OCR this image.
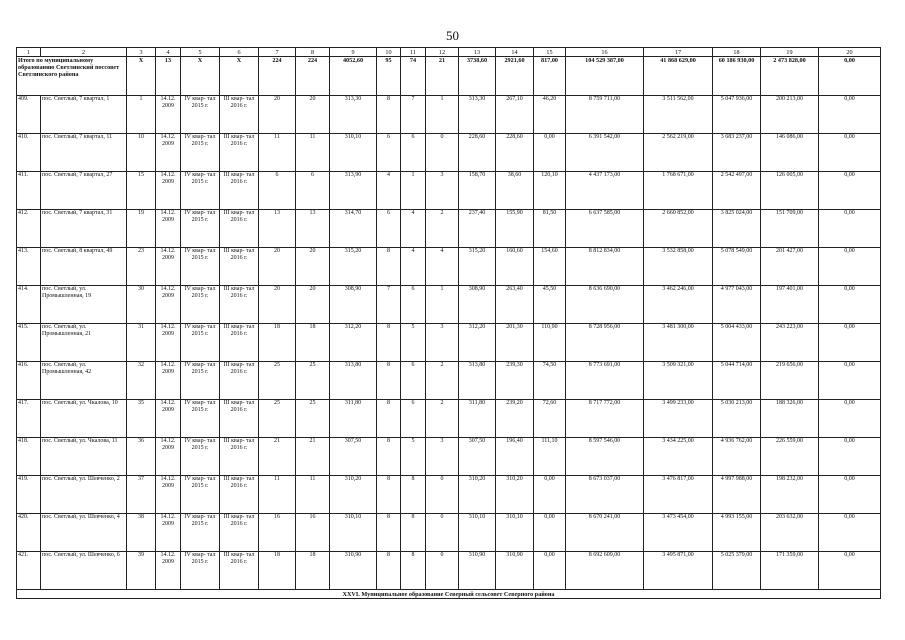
50
1	2	3	4	5	6	7	8	9	10	11	12	13	14	15	16	17	18	19	20
Итого по муниципальному образованию Светлинский поссовет Светлинского района		X	13	X	X	224	224	4052,60	95	74	21	3738,60	2921,60	817,00	104 529 387,00	41 868 629,00	60 186 930,00	2 473 828,00	0,00
409.	пос. Светлый, 7 квартал, 1	1	14.12. 2009	IV квар- тал 2015 г.	III квар- тал 2016 г.	20	20	313,30	8	7	1	313,30	267,10	46,20	8 759 711,00	3 511 562,00	5 047 936,00	200 213,00	0,00
410.	пос. Светлый, 7 квартал, 11	10	14.12. 2009	IV квар- тал 2015 г.	III квар- тал 2016 г.	11	11	310,10	6	6	0	228,60	228,60	0,00	6 391 542,00	2 562 219,00	3 683 237,00	146 086,00	0,00
411.	пос. Светлый, 7 квартал, 27	15	14.12. 2009	IV квар- тал 2015 г.	III квар- тал 2016 г.	6	6	313,90	4	1	3	158,70	38,60	120,10	4 437 173,00	1 768 671,00	2 542 497,00	126 005,00	0,00
412.	пос. Светлый, 7 квартал, 31	19	14.12. 2009	IV квар- тал 2015 г.	III квар- тал 2016 г.	13	13	314,70	6	4	2	237,40	155,90	81,50	6 637 585,00	2 660 852,00	3 825 024,00	151 709,00	0,00
413.	пос. Светлый, 8 квартал, 49	23	14.12. 2009	IV квар- тал 2015 г.	III квар- тал 2016 г.	20	20	315,20	8	4	4	315,20	160,60	154,60	8 812 834,00	3 532 858,00	5 078 549,00	201 427,00	0,00
414.	пос. Светлый, ул. Промышленная, 19	30	14.12. 2009	IV квар- тал 2015 г.	III квар- тал 2016 г.	20	20	308,90	7	6	1	308,90	263,40	45,50	8 636 690,00	3 462 246,00	4 977 043,00	197 401,00	0,00
415.	пос. Светлый, ул. Промышленная, 21	31	14.12. 2009	IV квар- тал 2015 г.	III квар- тал 2016 г.	18	18	312,20	8	5	3	312,20	201,30	110,90	8 728 956,00	3 481 300,00	5 004 433,00	243 223,00	0,00
416.	пос. Светлый, ул. Промышленная, 42	32	14.12. 2009	IV квар- тал 2015 г.	III квар- тал 2016 г.	25	25	313,80	8	6	2	313,80	239,30	74,50	8 773 691,00	3 509 321,00	5 044 714,00	219 656,00	0,00
417.	пос. Светлый, ул. Чкалова, 10	35	14.12. 2009	IV квар- тал 2015 г.	III квар- тал 2016 г.	25	25	311,80	8	6	2	311,80	239,20	72,60	8 717 772,00	3 499 233,00	5 030 213,00	188 326,00	0,00
418.	пос. Светлый, ул. Чкалова, 11	36	14.12. 2009	IV квар- тал 2015 г.	III квар- тал 2016 г.	21	21	307,50	8	5	3	307,50	196,40	111,10	8 597 546,00	3 434 225,00	4 936 762,00	226 559,00	0,00
419.	пос. Светлый, ул. Шевченко, 2	37	14.12. 2009	IV квар- тал 2015 г.	III квар- тал 2016 г.	11	11	310,20	8	8	0	310,20	310,20	0,00	8 673 037,00	3 476 817,00	4 997 988,00	198 232,00	0,00
420.	пос. Светлый, ул. Шевченко, 4	38	14.12. 2009	IV квар- тал 2015 г.	III квар- тал 2016 г.	16	16	310,10	8	8	0	310,10	310,10	0,00	8 670 241,00	3 473 454,00	4 993 155,00	203 632,00	0,00
421.	пос. Светлый, ул. Шевченко, 6	39	14.12. 2009	IV квар- тал 2015 г.	III квар- тал 2016 г.	18	18	310,90	8	8	0	310,90	310,90	0,00	8 692 609,00	3 495 871,00	5 025 379,00	171 359,00	0,00
XXVI. Муниципальное образование Северный сельсовет Северного района																			
